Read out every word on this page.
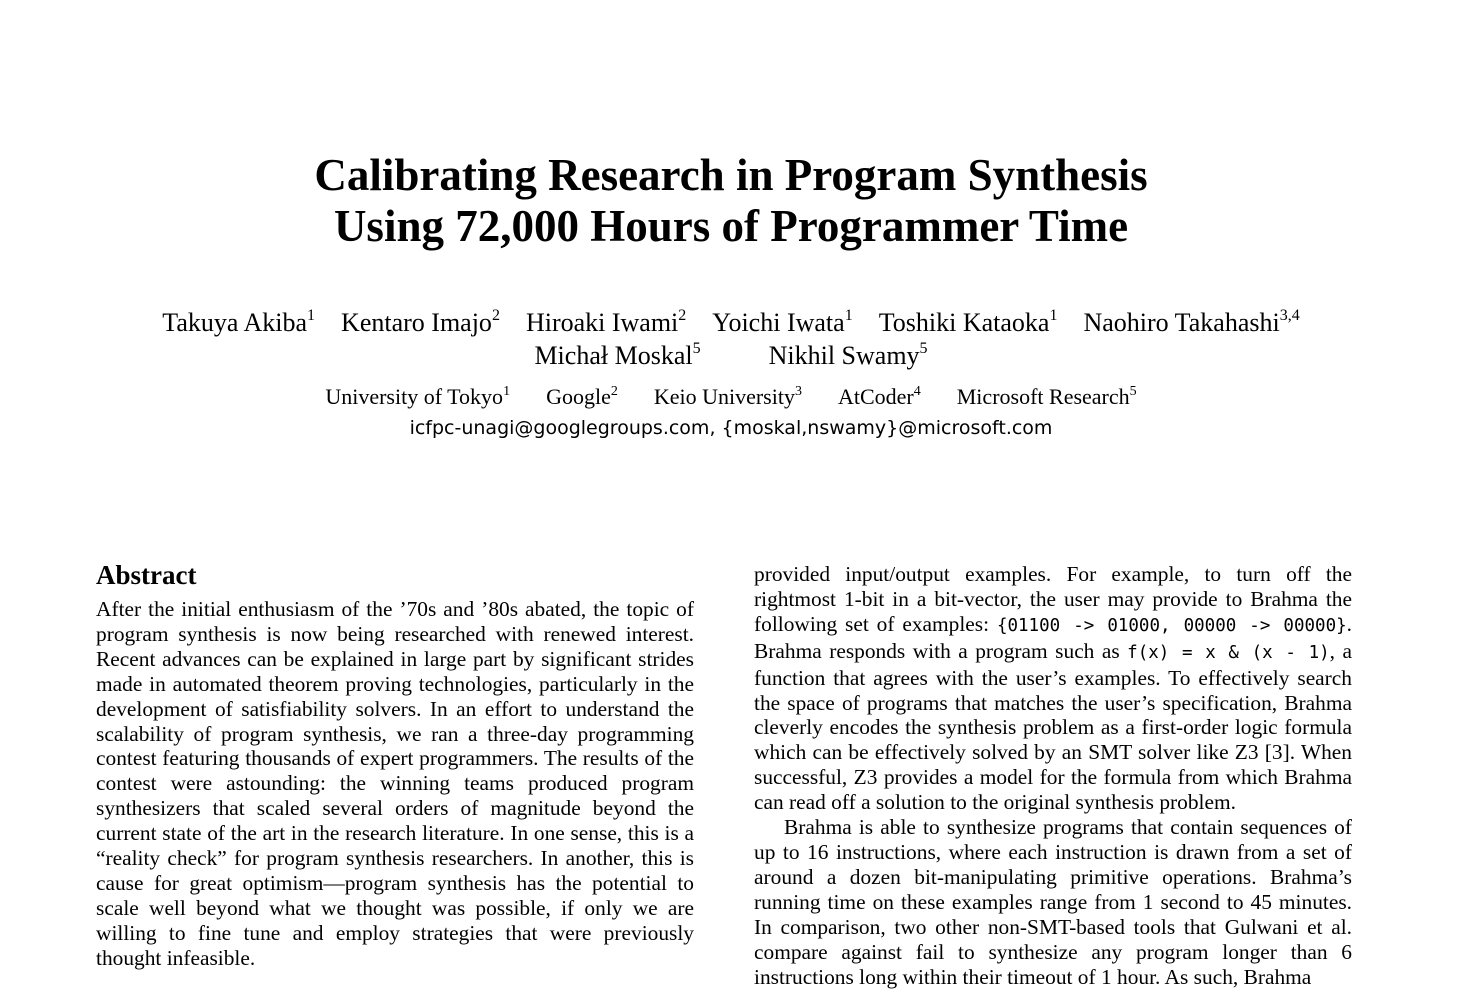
Calibrating Research in Program Synthesis
Using 72,000 Hours of Programmer Time
Takuya Akiba$^1$ Kentaro Imajo$^2$ Hiroaki Iwami$^2$ Yoichi Iwata$^1$ Toshiki Kataoka$^1$ Naohiro Takahashi$^{3,4}$
Michał Moskal$^5$	Nikhil Swamy$^5$
University of Tokyo$^1$ Google$^2$ Keio University$^3$ AtCoder$^4$ Microsoft Research$^5$
icfpc-unagi@googlegroups.com, {moskal,nswamy}@microsoft.com
Abstract

After the initial enthusiasm of the ’70s and ’80s abated, the topic of program synthesis is now being researched with renewed interest. Recent advances can be explained in large part by significant strides made in automated theorem proving technologies, particularly in the development of satisfiability solvers. In an effort to understand the scalability of program synthesis, we ran a three-day programming contest featuring thousands of expert programmers. The results of the contest were astounding: the winning teams produced program synthesizers that scaled several orders of magnitude beyond the current state of the art in the research literature. In one sense, this is a “reality check” for program synthesis researchers. In another, this is cause for great optimism—program synthesis has the potential to scale well beyond what we thought was possible, if only we are willing to fine tune and employ strategies that were previously thought infeasible.

provided input/output examples. For example, to turn off the rightmost 1-bit in a bit-vector, the user may provide to Brahma the following set of examples: {01100 -> 01000, 00000 -> 00000}. Brahma responds with a program such as f(x) = x & (x - 1), a function that agrees with the user’s examples. To effectively search the space of programs that matches the user’s specification, Brahma cleverly encodes the synthesis problem as a first-order logic formula which can be effectively solved by an SMT solver like Z3 [3]. When successful, Z3 provides a model for the formula from which Brahma can read off a solution to the original synthesis problem.

Brahma is able to synthesize programs that contain sequences of up to 16 instructions, where each instruction is drawn from a set of around a dozen bit-manipulating primitive operations. Brahma’s running time on these examples range from 1 second to 45 minutes. In comparison, two other non-SMT-based tools that Gulwani et al. compare against fail to synthesize any program longer than 6 instructions long within their timeout of 1 hour. As such, Brahma
